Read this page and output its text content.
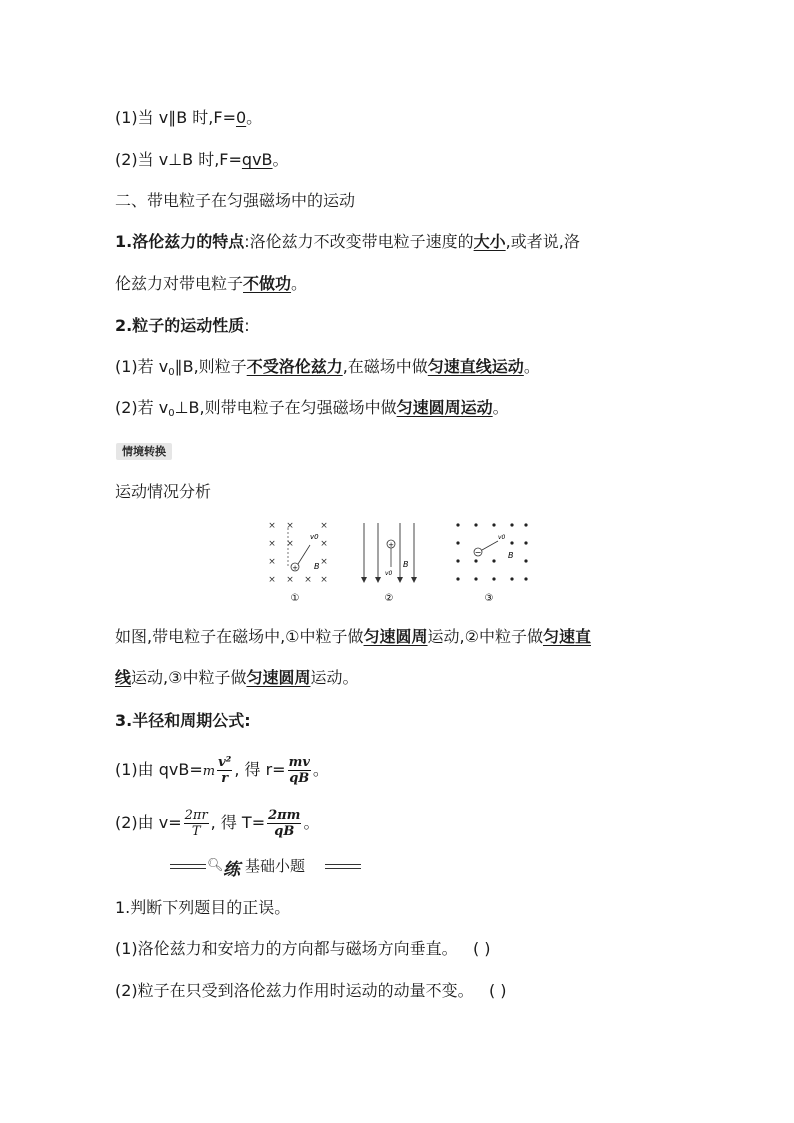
(1)当 v∥B 时,F=0。
(2)当 v⊥B 时,F=qvB。
二、带电粒子在匀强磁场中的运动
1.洛伦兹力的特点:洛伦兹力不改变带电粒子速度的大小,或者说,洛
伦兹力对带电粒子不做功。
2.粒子的运动性质:
(1)若 $v_0\parallel B$,则粒子不受洛伦兹力,在磁场中做匀速直线运动。
(2)若 $v_0\perp B$,则带电粒子在匀强磁场中做匀速圆周运动。
情境转换
运动情况分析
× ×	×
× ×	×
×	×
× × × ×
+
v0
B
①
+
v0
B
②
−
v0
B
③
如图,带电粒子在磁场中,①中粒子做匀速圆周运动,②中粒子做匀速直
线运动,③中粒子做匀速圆周运动。
3.半径和周期公式:
(1)由 $qvB=m \frac{\text{v²}}{r}$ , 得 $r= \frac{mv}{qB}$ 。
(2)由 $v= \frac{2\pi r}{T}$ , 得 $T= \frac{2\pi m}{qB}$ 。
🔍︎ 练 基础小题
1.判断下列题目的正误。
(1)洛伦兹力和安培力的方向都与磁场方向垂直。 ( )
(2)粒子在只受到洛伦兹力作用时运动的动量不变。 ( )
